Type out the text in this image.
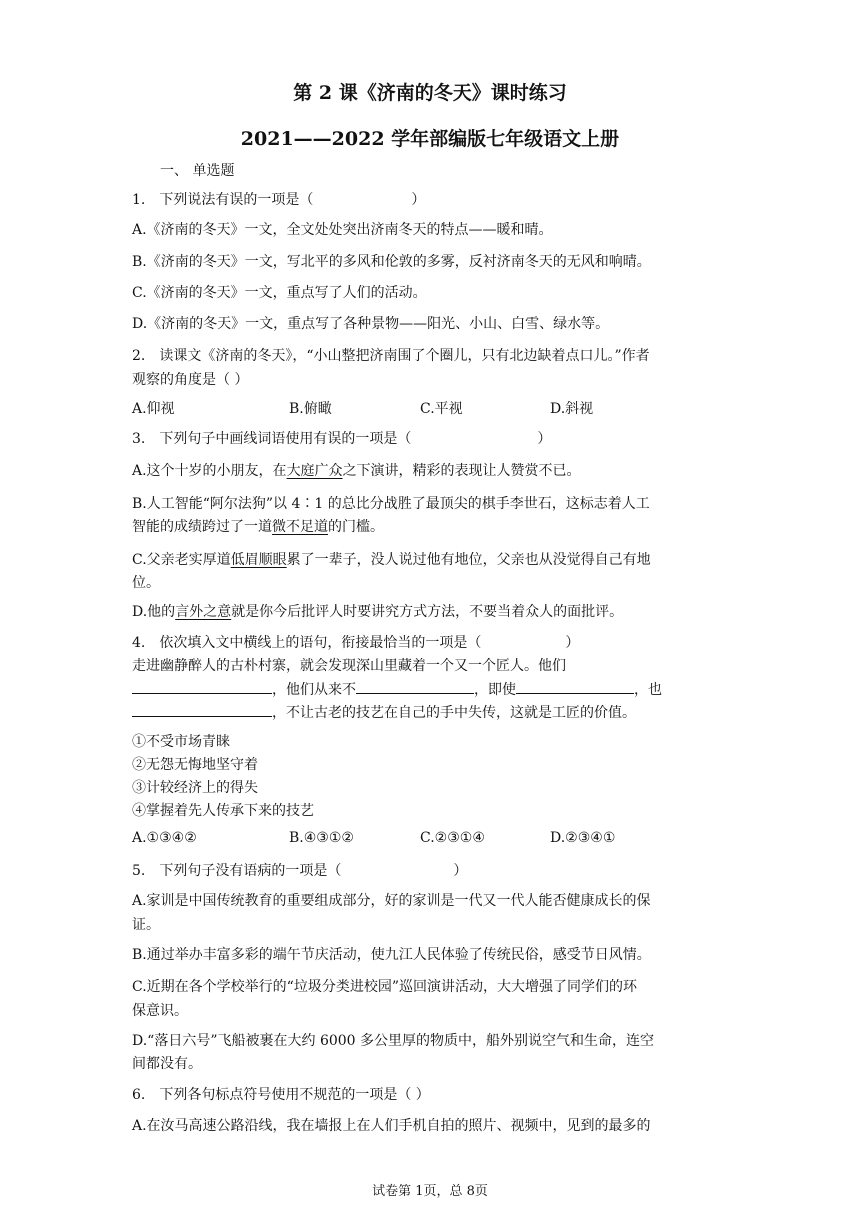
第 2 课《济南的冬天》课时练习
2021——2022 学年部编版七年级语文上册
一、 单选题
1.　下列说法有误的一项是（　　　　　　　）
A.《济南的冬天》一文，全文处处突出济南冬天的特点——暖和晴。
B.《济南的冬天》一文，写北平的多风和伦敦的多雾，反衬济南冬天的无风和响晴。
C.《济南的冬天》一文，重点写了人们的活动。
D.《济南的冬天》一文，重点写了各种景物——阳光、小山、白雪、绿水等。
2.　读课文《济南的冬天》，“小山整把济南围了个圈儿，只有北边缺着点口儿。”作者
观察的角度是（ ）
A.仰视	B.俯瞰	C.平视	D.斜视
3.　下列句子中画线词语使用有误的一项是（　　　　　　　　　）
A.这个十岁的小朋友，在大庭广众之下演讲，精彩的表现让人赞赏不已。
B.人工智能“阿尔法狗”以 4∶1 的总比分战胜了最顶尖的棋手李世石，这标志着人工
智能的成绩跨过了一道微不足道的门槛。
C.父亲老实厚道低眉顺眼累了一辈子，没人说过他有地位，父亲也从没觉得自己有地
位。
D.他的言外之意就是你今后批评人时要讲究方式方法，不要当着众人的面批评。
4.　依次填入文中横线上的语句，衔接最恰当的一项是（　　　　　　）
走进幽静醉人的古朴村寨，就会发现深山里藏着一个又一个匠人。他们
，他们从来不	，即使	，也
，不让古老的技艺在自己的手中失传，这就是工匠的价值。
①不受市场青睐
②无怨无悔地坚守着
③计较经济上的得失
④掌握着先人传承下来的技艺
A.①③④②	B.④③①②	C.②③①④	D.②③④①
5.　下列句子没有语病的一项是（　　　　　　　　）
A.家训是中国传统教育的重要组成部分，好的家训是一代又一代人能否健康成长的保
证。
B.通过举办丰富多彩的端午节庆活动，使九江人民体验了传统民俗，感受节日风情。
C.近期在各个学校举行的“垃圾分类进校园”巡回演讲活动，大大增强了同学们的环
保意识。
D.“落日六号”飞船被裹在大约 6000 多公里厚的物质中，船外别说空气和生命，连空
间都没有。
6.　下列各句标点符号使用不规范的一项是（ ）
A.在汝马高速公路沿线，我在墙报上在人们手机自拍的照片、视频中，见到的最多的
试卷第 1页，总 8页
